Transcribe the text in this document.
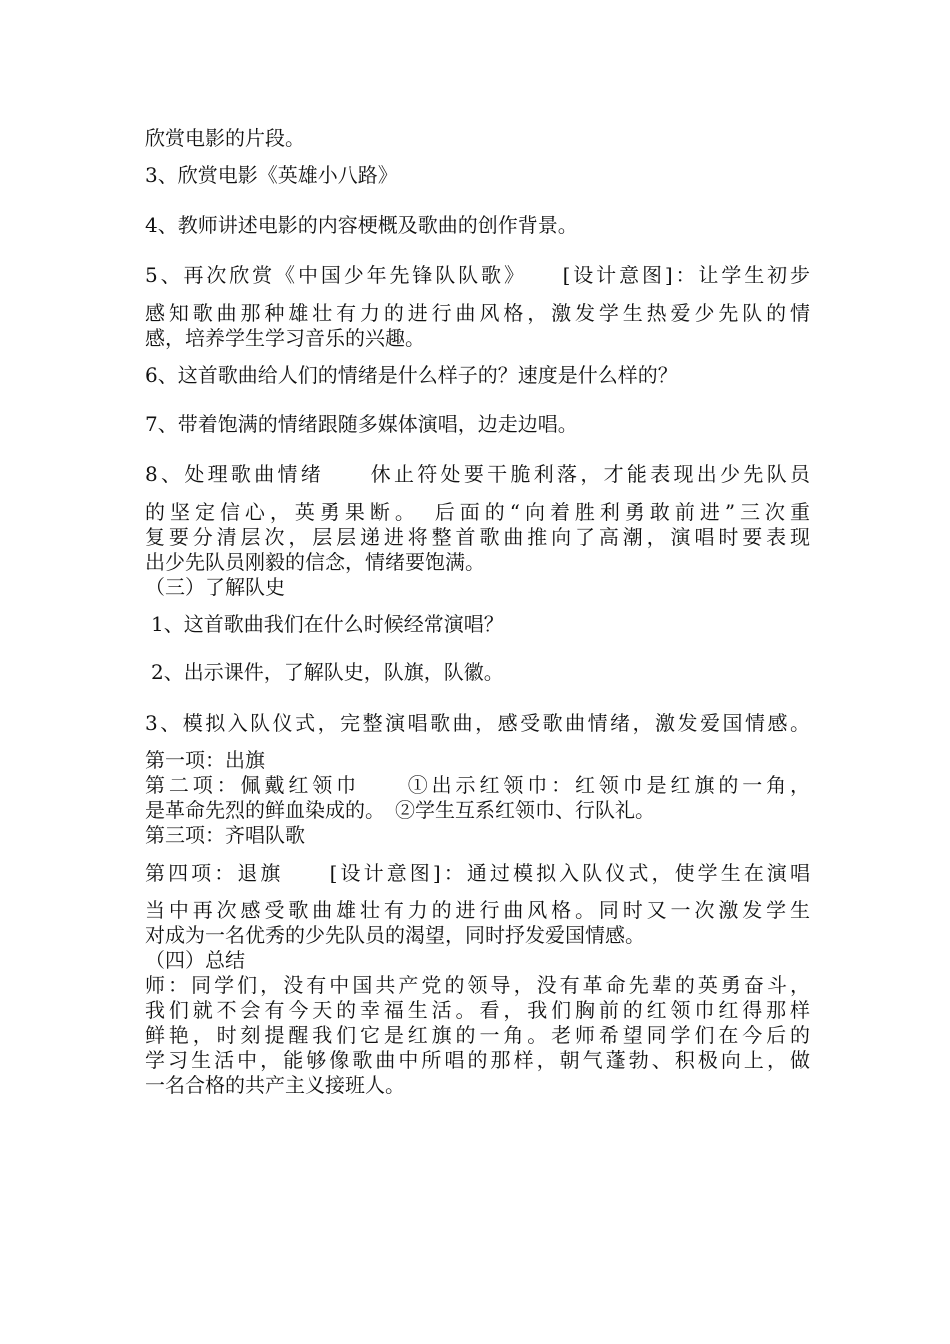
欣赏电影的片段。
3、欣赏电影《英雄小八路》
4、教师讲述电影的内容梗概及歌曲的创作背景。
5、再次欣赏《中国少年先锋队队歌》　　[设计意图]：让学生初步
感知歌曲那种雄壮有力的进行曲风格，激发学生热爱少先队的情
感，培养学生学习音乐的兴趣。
6、这首歌曲给人们的情绪是什么样子的？速度是什么样的？
7、带着饱满的情绪跟随多媒体演唱，边走边唱。
8、处理歌曲情绪　　休止符处要干脆利落，才能表现出少先队员
的坚定信心，英勇果断。　后面的“向着胜利勇敢前进”三次重
复要分清层次，层层递进将整首歌曲推向了高潮，演唱时要表现
出少先队员刚毅的信念，情绪要饱满。
（三）了解队史
1、这首歌曲我们在什么时候经常演唱？
2、出示课件，了解队史，队旗，队徽。
3、模拟入队仪式，完整演唱歌曲，感受歌曲情绪，激发爱国情感。
第一项：出旗
第二项：佩戴红领巾　　①出示红领巾：红领巾是红旗的一角，
是革命先烈的鲜血染成的。　②学生互系红领巾、行队礼。
第三项：齐唱队歌
第四项：退旗　　[设计意图]：通过模拟入队仪式，使学生在演唱
当中再次感受歌曲雄壮有力的进行曲风格。同时又一次激发学生
对成为一名优秀的少先队员的渴望，同时抒发爱国情感。
（四）总结
师：同学们，没有中国共产党的领导，没有革命先辈的英勇奋斗，
我们就不会有今天的幸福生活。看，我们胸前的红领巾红得那样
鲜艳，时刻提醒我们它是红旗的一角。老师希望同学们在今后的
学习生活中，能够像歌曲中所唱的那样，朝气蓬勃、积极向上，做
一名合格的共产主义接班人。
